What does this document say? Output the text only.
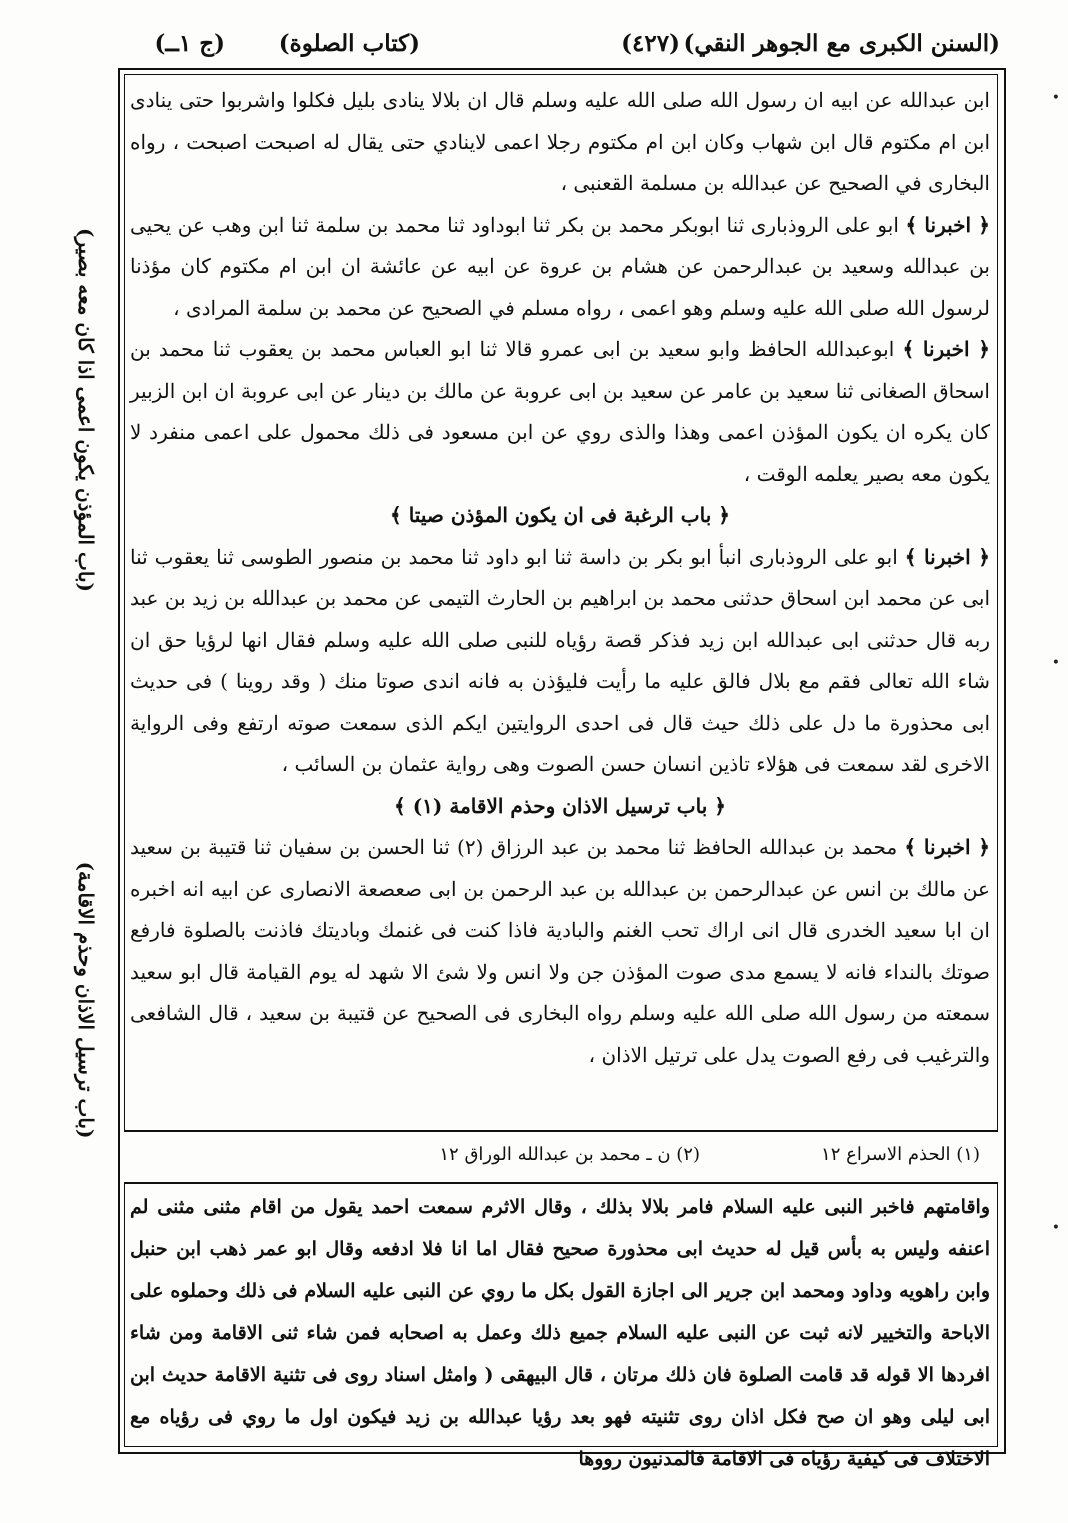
(السنن الكبرى مع الجوهر النقي)
(٤٢٧)
(كتاب الصلوة)
(ج ١ــ)

ابن عبدالله عن ابيه ان رسول الله صلى الله عليه وسلم قال ان بلالا ينادى بليل فكلوا واشربوا حتى ينادى ابن ام مكتوم قال ابن شهاب وكان ابن ام مكتوم رجلا اعمى لاينادي حتى يقال له اصبحت اصبحت ، رواه البخارى في الصحيح عن عبدالله بن مسلمة القعنبى ،

﴿ اخبرنا ﴾ ابو على الروذبارى ثنا ابوبكر محمد بن بكر ثنا ابوداود ثنا محمد بن سلمة ثنا ابن وهب عن يحيى بن عبدالله وسعيد بن عبدالرحمن عن هشام بن عروة عن ابيه عن عائشة ان ابن ام مكتوم كان مؤذنا لرسول الله صلى الله عليه وسلم وهو اعمى ، رواه مسلم في الصحيح عن محمد بن سلمة المرادى ،

﴿ اخبرنا ﴾ ابوعبدالله الحافظ وابو سعيد بن ابى عمرو قالا ثنا ابو العباس محمد بن يعقوب ثنا محمد بن اسحاق الصغانى ثنا سعيد بن عامر عن سعيد بن ابى عروبة عن مالك بن دينار عن ابى عروبة ان ابن الزبير كان يكره ان يكون المؤذن اعمى وهذا والذى روي عن ابن مسعود فى ذلك محمول على اعمى منفرد لا يكون معه بصير يعلمه الوقت ،

﴿ باب الرغبة فى ان يكون المؤذن صيتا ﴾

﴿ اخبرنا ﴾ ابو على الروذبارى انبأ ابو بكر بن داسة ثنا ابو داود ثنا محمد بن منصور الطوسى ثنا يعقوب ثنا ابى عن محمد ابن اسحاق حدثنى محمد بن ابراهيم بن الحارث التيمى عن محمد بن عبدالله بن زيد بن عبد ربه قال حدثنى ابى عبدالله ابن زيد فذكر قصة رؤياه للنبى صلى الله عليه وسلم فقال انها لرؤيا حق ان شاء الله تعالى فقم مع بلال فالق عليه ما رأيت فليؤذن به فانه اندى صوتا منك ( وقد روينا ) فى حديث ابى محذورة ما دل على ذلك حيث قال فى احدى الروايتين ايكم الذى سمعت صوته ارتفع وفى الرواية الاخرى لقد سمعت فى هؤلاء تاذين انسان حسن الصوت وهى رواية عثمان بن السائب ،

﴿ باب ترسيل الاذان وحذم الاقامة (١) ﴾

﴿ اخبرنا ﴾ محمد بن عبدالله الحافظ ثنا محمد بن عبد الرزاق (٢) ثنا الحسن بن سفيان ثنا قتيبة بن سعيد عن مالك بن انس عن عبدالرحمن بن عبدالله بن عبد الرحمن بن ابى صعصعة الانصارى عن ابيه انه اخبره ان ابا سعيد الخدرى قال انى اراك تحب الغنم والبادية فاذا كنت فى غنمك وباديتك فاذنت بالصلوة فارفع صوتك بالنداء فانه لا يسمع مدى صوت المؤذن جن ولا انس ولا شئ الا شهد له يوم القيامة قال ابو سعيد سمعته من رسول الله صلى الله عليه وسلم رواه البخارى فى الصحيح عن قتيبة بن سعيد ، قال الشافعى والترغيب فى رفع الصوت يدل على ترتيل الاذان ،

(١) الحذم الاسراع ١٢
(٢) ن ـ محمد بن عبدالله الوراق ١٢

واقامتهم فاخبر النبى عليه السلام فامر بلالا بذلك ، وقال الاثرم سمعت احمد يقول من اقام مثنى مثنى لم اعنفه وليس به بأس قيل له حديث ابى محذورة صحيح فقال اما انا فلا ادفعه وقال ابو عمر ذهب ابن حنبل وابن راهويه وداود ومحمد ابن جرير الى اجازة القول بكل ما روي عن النبى عليه السلام فى ذلك وحملوه على الاباحة والتخيير لانه ثبت عن النبى عليه السلام جميع ذلك وعمل به اصحابه فمن شاء ثنى الاقامة ومن شاء افردها الا قوله قد قامت الصلوة فان ذلك مرتان ، قال البيهقى ( وامثل اسناد روى فى تثنية الاقامة حديث ابن ابى ليلى وهو ان صح فكل اذان روى تثنيته فهو بعد رؤيا عبدالله بن زيد فيكون اول ما روي فى رؤياه مع الاختلاف فى كيفية رؤياه فى الاقامة فالمدنيون رووها

(باب المؤذن يكون اعمى اذا كان معه بصير)
(باب ترسيل الاذان وحذم الاقامة)
•
•
•
